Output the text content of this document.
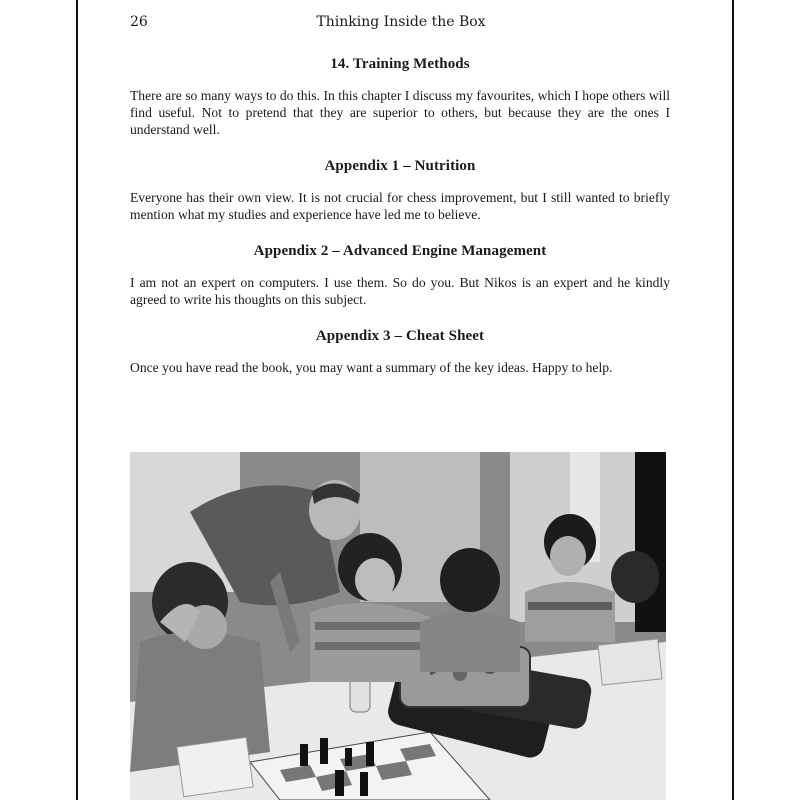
26	Thinking Inside the Box
14. Training Methods

There are so many ways to do this. In this chapter I discuss my favourites, which I hope others will find useful. Not to pretend that they are superior to others, but because they are the ones I understand well.

Appendix 1 – Nutrition

Everyone has their own view. It is not crucial for chess improvement, but I still wanted to briefly mention what my studies and experience have led me to believe.

Appendix 2 – Advanced Engine Management

I am not an expert on computers. I use them. So do you. But Nikos is an expert and he kindly agreed to write his thoughts on this subject.

Appendix 3 – Cheat Sheet

Once you have read the book, you may want a summary of the key ideas. Happy to help.
